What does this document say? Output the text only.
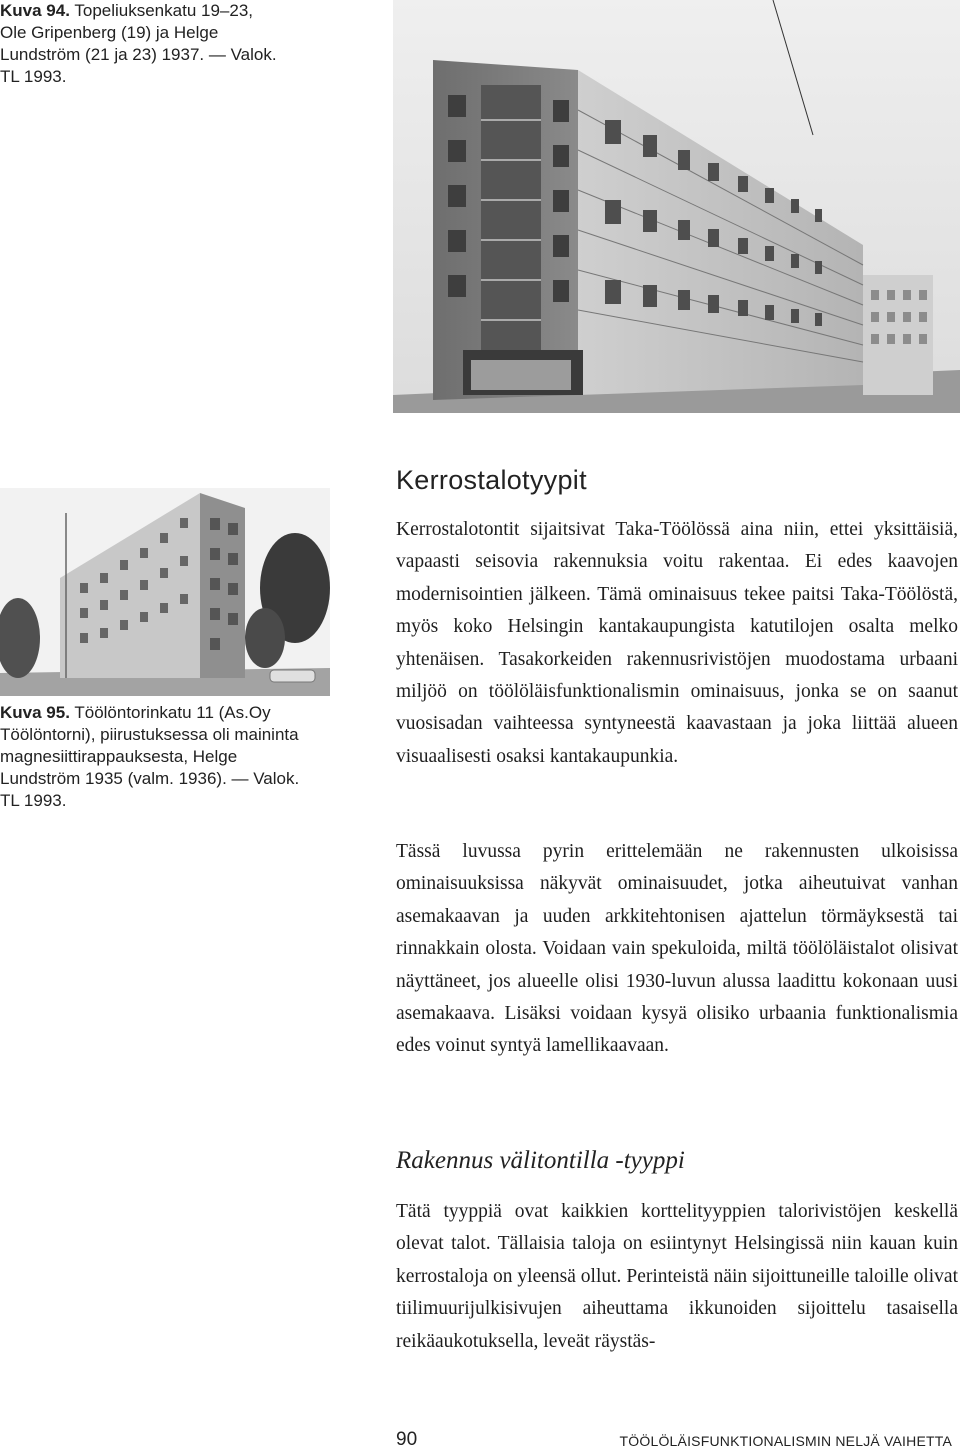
Kuva 94. Topeliuksenkatu 19–23, Ole Gripenberg (19) ja Helge Lundström (21 ja 23) 1937. — Valok. TL 1993.
Kuva 95. Töölöntorinkatu 11 (As.Oy Töölöntorni), piirustuksessa oli maininta magnesiittirappauksesta, Helge Lundström 1935 (valm. 1936). — Valok. TL 1993.
Kerrostalotyypit

Kerrostalotontit sijaitsivat Taka-Töölössä aina niin, ettei yksittäisiä, vapaasti seisovia rakennuksia voitu rakentaa. Ei edes kaavojen modernisointien jälkeen. Tämä ominaisuus tekee paitsi Taka-Töölöstä, myös koko Helsingin kantakaupungista katutilojen osalta melko yhtenäisen. Tasakorkeiden rakennusrivistöjen muodostama urbaani miljöö on töölöläisfunktionalismin ominaisuus, jonka se on saanut vuosisadan vaihteessa syntyneestä kaavastaan ja joka liittää alueen visuaalisesti osaksi kantakaupunkia.

Tässä luvussa pyrin erittelemään ne rakennusten ulkoisissa ominaisuuksissa näkyvät ominaisuudet, jotka aiheutuivat vanhan asemakaavan ja uuden arkkitehtonisen ajattelun törmäyksestä tai rinnakkain olosta. Voidaan vain spekuloida, miltä töölöläistalot olisivat näyttäneet, jos alueelle olisi 1930-luvun alussa laadittu kokonaan uusi asemakaava. Lisäksi voidaan kysyä olisiko urbaania funktionalismia edes voinut syntyä lamellikaavaan.

Rakennus välitontilla -tyyppi

Tätä tyyppiä ovat kaikkien korttelityyppien talorivistöjen keskellä olevat talot. Tällaisia taloja on esiintynyt Helsingissä niin kauan kuin kerrostaloja on yleensä ollut. Perinteistä näin sijoittuneille taloille olivat tiilimuurijulkisivujen aiheuttama ikkunoiden sijoittelu tasaisella reikäaukotuksella, leveät räystäs-

90	TÖÖLÖLÄISFUNKTIONALISMIN NELJÄ VAIHETTA
